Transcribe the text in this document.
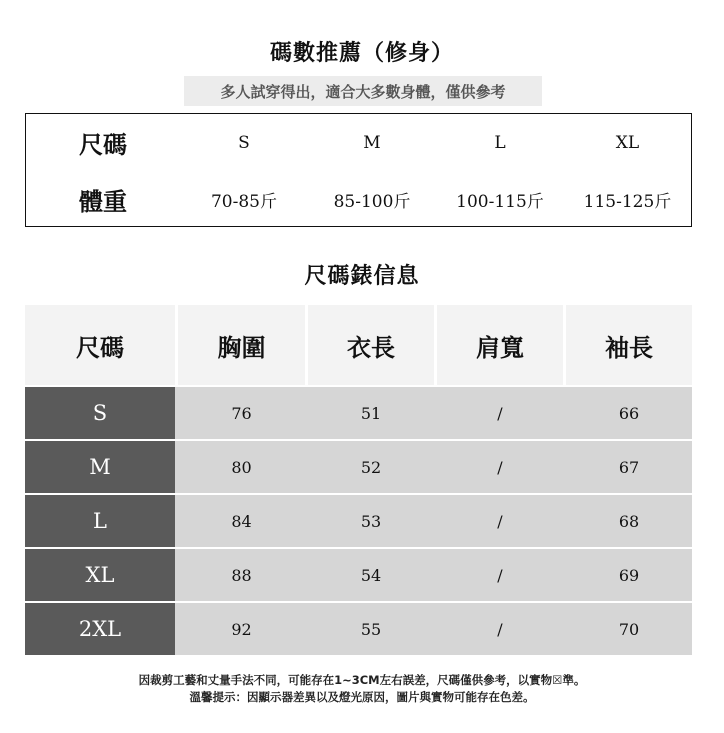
碼數推薦（修身）
多人試穿得出，適合大多數身體，僅供參考
尺碼	S	M	L	XL
體重	70-85斤	85-100斤	100-115斤	115-125斤
尺碼錶信息
尺碼	胸圍	衣長	肩寬	袖長
S	76	51	/	66
M	80	52	/	67
L	84	53	/	68
XL	88	54	/	69
2XL	92	55	/	70
因裁剪工藝和丈量手法不同，可能存在1~3CM左右誤差，尺碼僅供參考，以實物☒準。
溫馨提示：因顯示器差異以及燈光原因，圖片與實物可能存在色差。
